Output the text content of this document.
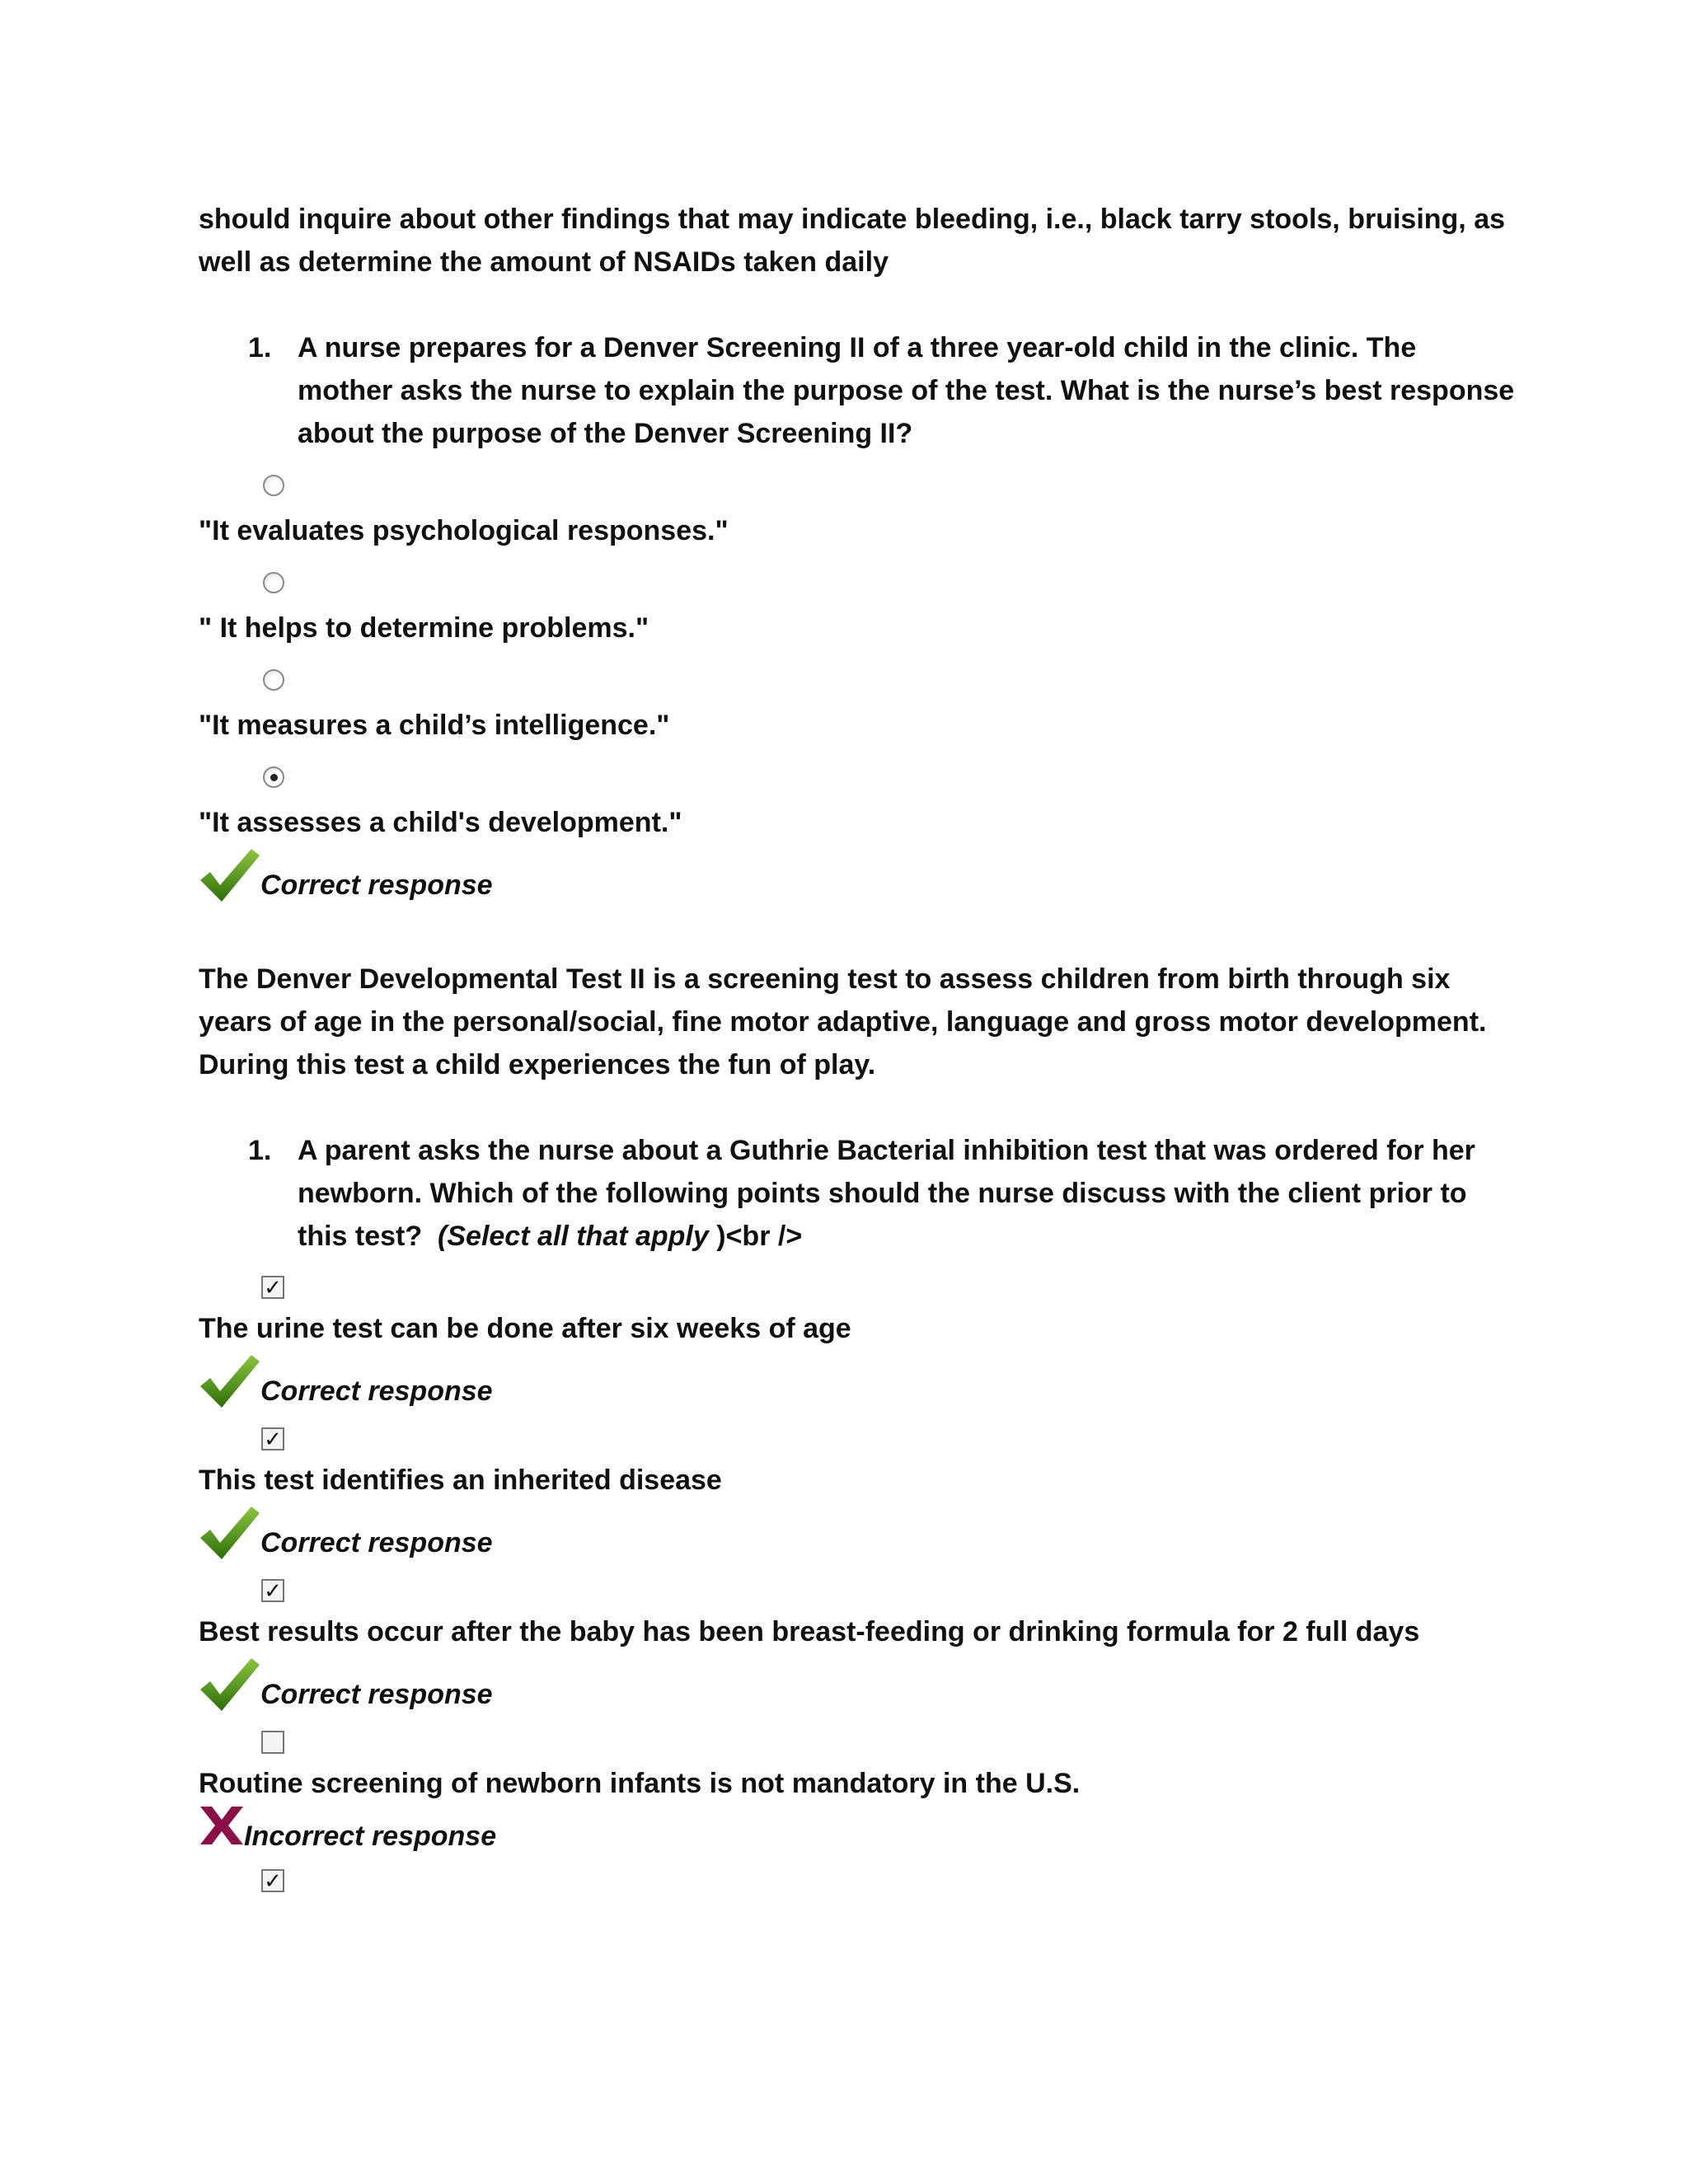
should inquire about other findings that may indicate bleeding, i.e., black tarry stools, bruising, as well as determine the amount of NSAIDs taken daily

1. A nurse prepares for a Denver Screening II of a three year-old child in the clinic. The mother asks the nurse to explain the purpose of the test. What is the nurse’s best response about the purpose of the Denver Screening II?

"It evaluates psychological responses."

" It helps to determine problems."

"It measures a child’s intelligence."

"It assesses a child's development."

Correct response

The Denver Developmental Test II is a screening test to assess children from birth through six years of age in the personal/social, fine motor adaptive, language and gross motor development. During this test a child experiences the fun of play.

1. A parent asks the nurse about a Guthrie Bacterial inhibition test that was ordered for her newborn. Which of the following points should the nurse discuss with the client prior to this test? (Select all that apply )<br />
✓

The urine test can be done after six weeks of age

Correct response
✓

This test identifies an inherited disease

Correct response
✓

Best results occur after the baby has been breast-feeding or drinking formula for 2 full days

Correct response

Routine screening of newborn infants is not mandatory in the U.S.

Incorrect response
✓
